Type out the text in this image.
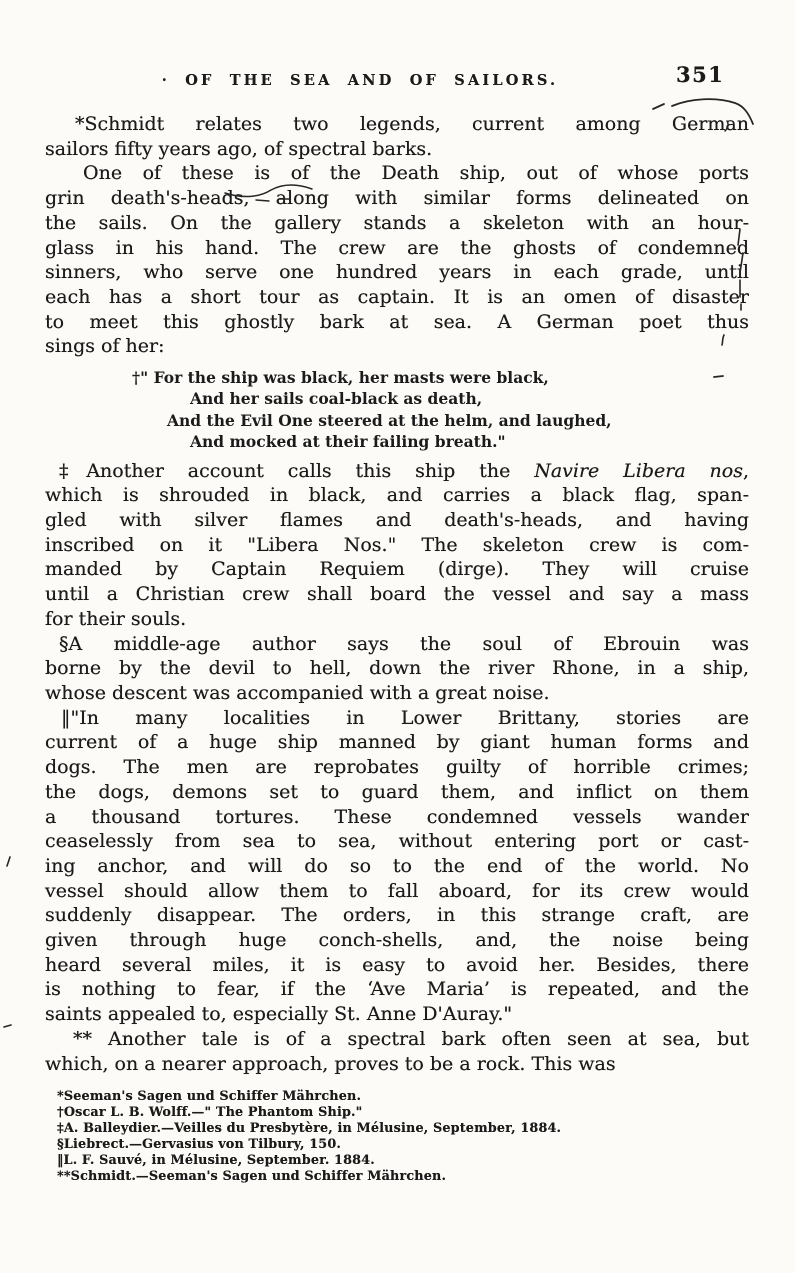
· OF THE SEA AND OF SAILORS.	351
*Schmidt relates two legends, current among German
sailors fifty years ago, of spectral barks.
One of these is of the Death ship, out of whose ports
grin death's-heads, along with similar forms delineated on
the sails. On the gallery stands a skeleton with an hour-
glass in his hand. The crew are the ghosts of condemned
sinners, who serve one hundred years in each grade, until
each has a short tour as captain. It is an omen of disaster
to meet this ghostly bark at sea. A German poet thus
sings of her:
†" For the ship was black, her masts were black,
And her sails coal-black as death,
And the Evil One steered at the helm, and laughed,
And mocked at their failing breath."
‡Another account calls this ship the Navire Libera nos,
which is shrouded in black, and carries a black flag, span-
gled with silver flames and death's-heads, and having
inscribed on it "Libera Nos." The skeleton crew is com-
manded by Captain Requiem (dirge). They will cruise
until a Christian crew shall board the vessel and say a mass
for their souls.
§A middle-age author says the soul of Ebrouin was
borne by the devil to hell, down the river Rhone, in a ship,
whose descent was accompanied with a great noise.
‖"In many localities in Lower Brittany, stories are
current of a huge ship manned by giant human forms and
dogs. The men are reprobates guilty of horrible crimes;
the dogs, demons set to guard them, and inflict on them
a thousand tortures. These condemned vessels wander
ceaselessly from sea to sea, without entering port or cast-
ing anchor, and will do so to the end of the world. No
vessel should allow them to fall aboard, for its crew would
suddenly disappear. The orders, in this strange craft, are
given through huge conch-shells, and, the noise being
heard several miles, it is easy to avoid her. Besides, there
is nothing to fear, if the ‘Ave Maria’ is repeated, and the
saints appealed to, especially St. Anne D'Auray."
** Another tale is of a spectral bark often seen at sea, but
which, on a nearer approach, proves to be a rock. This was
*Seeman's Sagen und Schiffer Mährchen.
†Oscar L. B. Wolff.—" The Phantom Ship."
‡A. Balleydier.—Veilles du Presbytère, in Mélusine, September, 1884.
§Liebrect.—Gervasius von Tilbury, 150.
‖L. F. Sauvé, in Mélusine, September. 1884.
**Schmidt.—Seeman's Sagen und Schiffer Mährchen.
